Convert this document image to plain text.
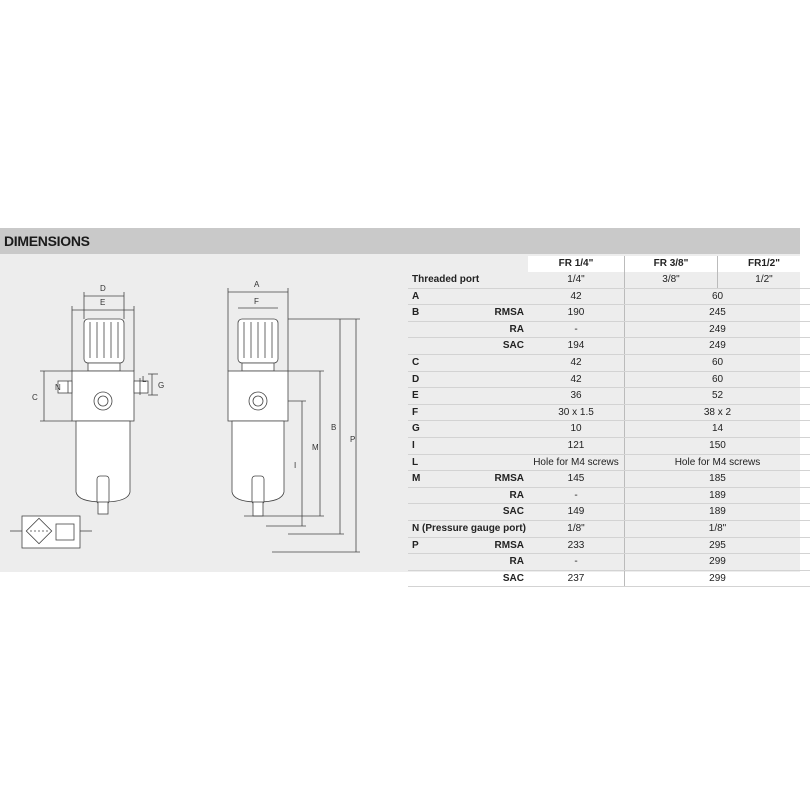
DIMENSIONS
D
E
C
N
L
G
A
F
B
M
I
P
		FR 1/4"	FR 3/8"	FR1/2"
Threaded port		1/4"	3/8"	1/2"
A		42	60	
B	RMSA	190	245	
	RA	-	249	
	SAC	194	249	
C		42	60	
D		42	60	
E		36	52	
F		30 x 1.5	38 x 2	
G		10	14	
I		121	150	
L		Hole for M4 screws	Hole for M4 screws	
M	RMSA	145	185	
	RA	-	189	
	SAC	149	189	
N (Pressure gauge port)		1/8"	1/8"	
P	RMSA	233	295	
	RA	-	299	
	SAC	237	299	
